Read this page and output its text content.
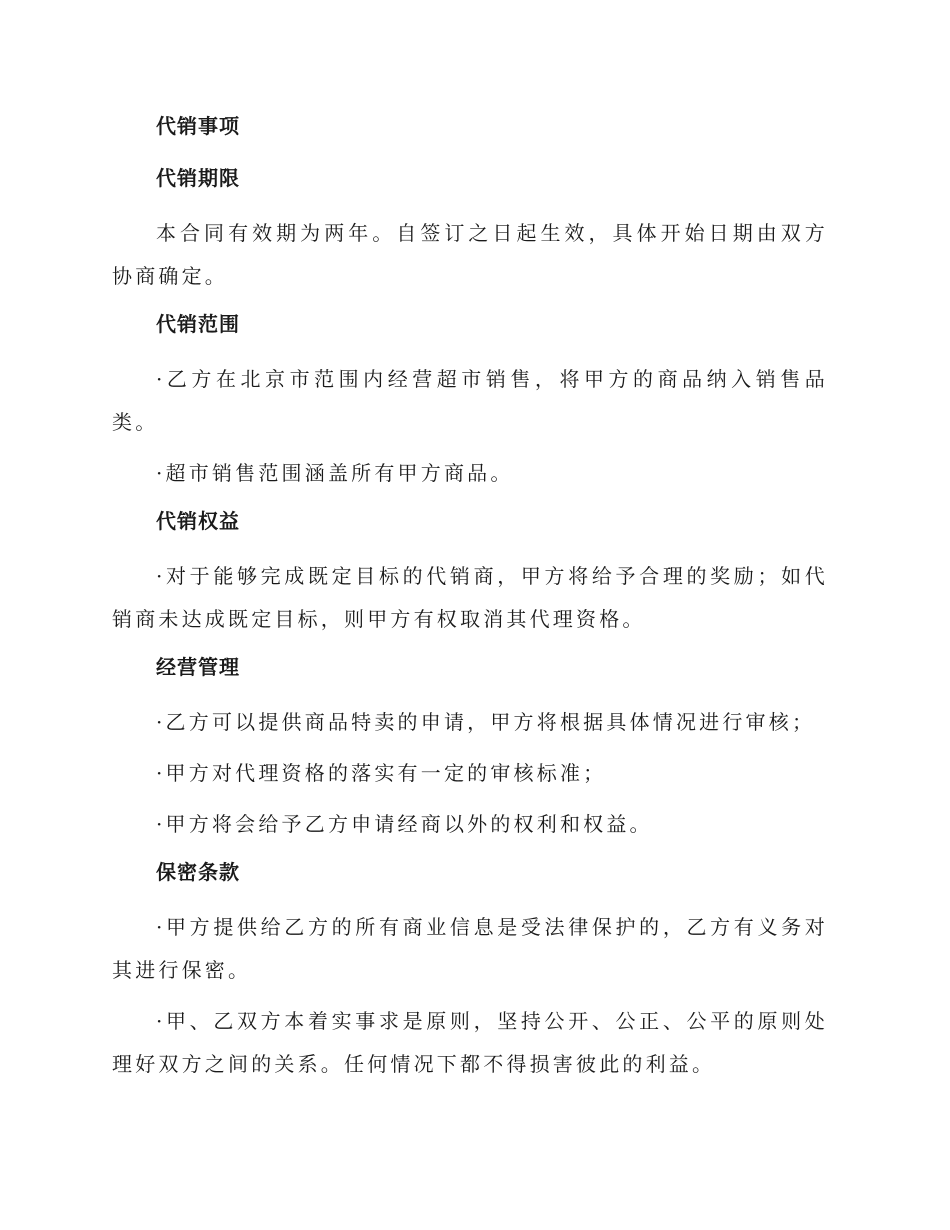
代销事项
代销期限

本合同有效期为两年。自签订之日起生效，具体开始日期由双方协商确定。

代销范围

·乙方在北京市范围内经营超市销售，将甲方的商品纳入销售品类。

·超市销售范围涵盖所有甲方商品。

代销权益

·对于能够完成既定目标的代销商，甲方将给予合理的奖励；如代销商未达成既定目标，则甲方有权取消其代理资格。

经营管理

·乙方可以提供商品特卖的申请，甲方将根据具体情况进行审核；

·甲方对代理资格的落实有一定的审核标准；

·甲方将会给予乙方申请经商以外的权利和权益。

保密条款

·甲方提供给乙方的所有商业信息是受法律保护的，乙方有义务对其进行保密。

·甲、乙双方本着实事求是原则，坚持公开、公正、公平的原则处理好双方之间的关系。任何情况下都不得损害彼此的利益。
